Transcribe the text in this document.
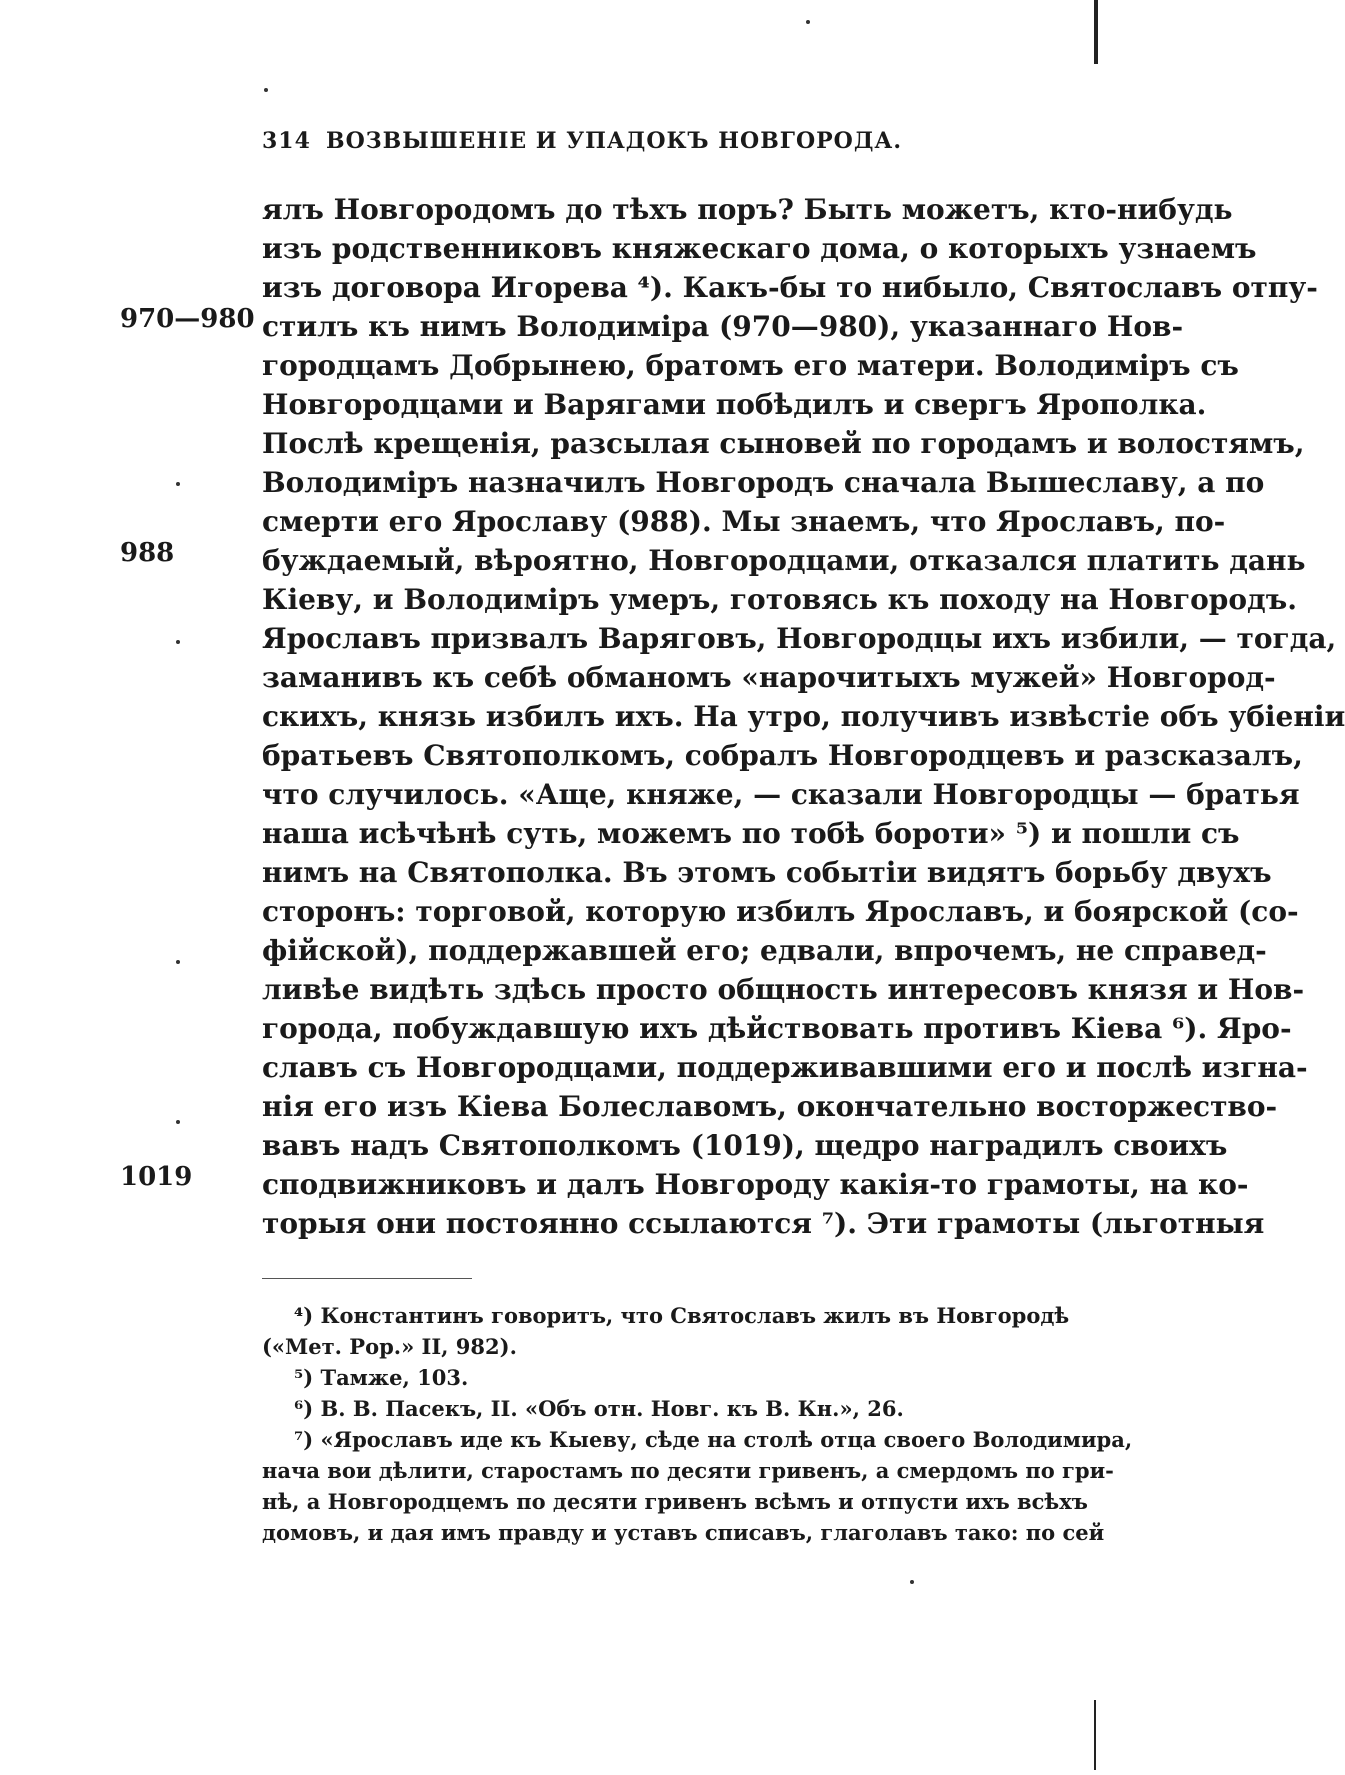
314 ВОЗВЫШЕНІЕ И УПАДОКЪ НОВГОРОДА.
970—980
988
1019
ялъ Новгородомъ до тѣхъ поръ? Быть можетъ, кто-нибудь
изъ родственниковъ княжескаго дома, о которыхъ узнаемъ
изъ договора Игорева ⁴). Какъ-бы то нибыло, Святославъ отпу-
стилъ къ нимъ Володиміра (970—980), указаннаго Нов-
городцамъ Добрынею, братомъ его матери. Володиміръ съ
Новгородцами и Варягами побѣдилъ и свергъ Ярополка.
Послѣ крещенія, разсылая сыновей по городамъ и волостямъ,
Володиміръ назначилъ Новгородъ сначала Вышеславу, а по
смерти его Ярославу (988). Мы знаемъ, что Ярославъ, по-
буждаемый, вѣроятно, Новгородцами, отказался платить дань
Кіеву, и Володиміръ умеръ, готовясь къ походу на Новгородъ.
Ярославъ призвалъ Варяговъ, Новгородцы ихъ избили, — тогда,
заманивъ къ себѣ обманомъ «нарочитыхъ мужей» Новгород-
скихъ, князь избилъ ихъ. На утро, получивъ извѣстіе объ убіеніи
братьевъ Святополкомъ, собралъ Новгородцевъ и разсказалъ,
что случилось. «Аще, княже, — сказали Новгородцы — братья
наша исѣчѣнѣ суть, можемъ по тобѣ бороти» ⁵) и пошли съ
нимъ на Святополка. Въ этомъ событіи видятъ борьбу двухъ
сторонъ: торговой, которую избилъ Ярославъ, и боярской (со-
фійской), поддержавшей его; едвали, впрочемъ, не справед-
ливѣе видѣть здѣсь просто общность интересовъ князя и Нов-
города, побуждавшую ихъ дѣйствовать противъ Кіева ⁶). Яро-
славъ съ Новгородцами, поддерживавшими его и послѣ изгна-
нія его изъ Кіева Болеславомъ, окончательно восторжество-
вавъ надъ Святополкомъ (1019), щедро наградилъ своихъ
сподвижниковъ и далъ Новгороду какія-то грамоты, на ко-
торыя они постоянно ссылаются ⁷). Эти грамоты (льготныя
⁴) Константинъ говоритъ, что Святославъ жилъ въ Новгородѣ
(«Мет. Рор.» II, 982).
⁵) Тамже, 103.
⁶) В. В. Пасекъ, II. «Объ отн. Новг. къ В. Кн.», 26.
⁷) «Ярославъ иде къ Кыеву, сѣде на столѣ отца своего Володимира,
нача вои дѣлити, старостамъ по десяти гривенъ, а смердомъ по гри-
нѣ, а Новгородцемъ по десяти гривенъ всѣмъ и отпусти ихъ всѣхъ
домовъ, и дая имъ правду и уставъ списавъ, глаголавъ тако: по сей
